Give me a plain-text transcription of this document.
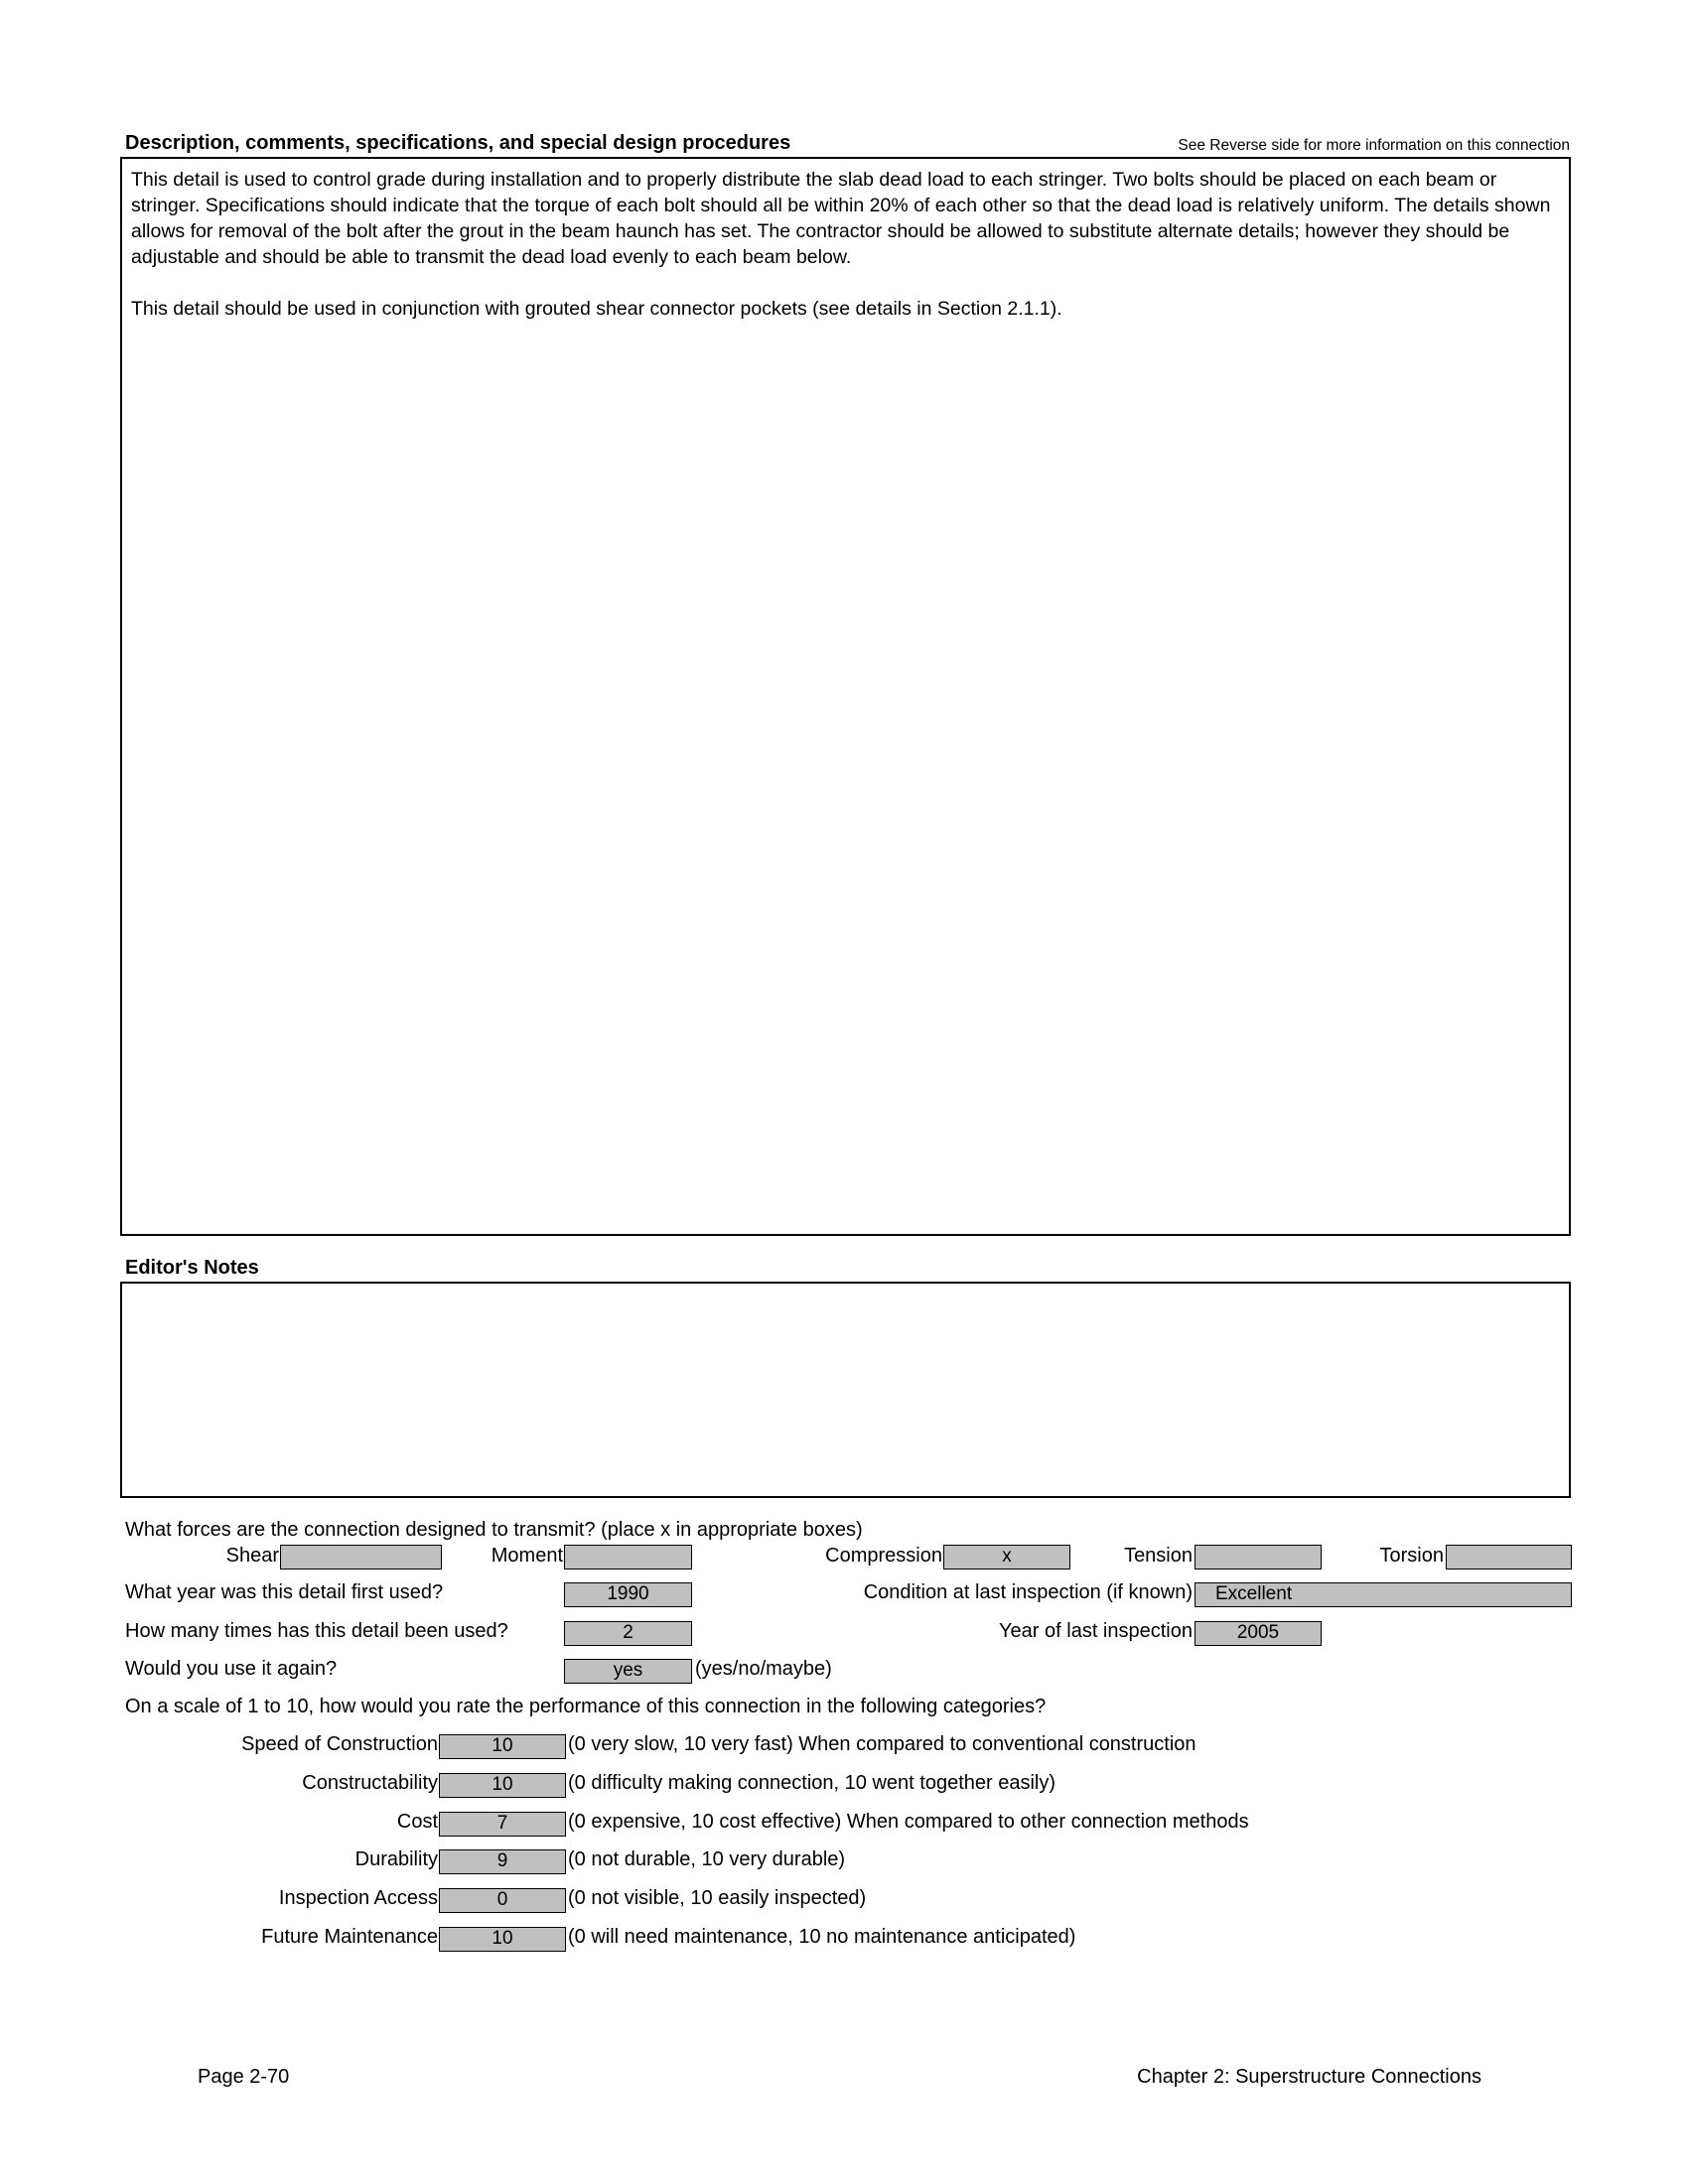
Description, comments, specifications, and special design procedures	See Reverse side for more information on this connection

This detail is used to control grade during installation and to properly distribute the slab dead load to each stringer. Two bolts should be placed on each beam or stringer. Specifications should indicate that the torque of each bolt should all be within 20% of each other so that the dead load is relatively uniform. The details shown allows for removal of the bolt after the grout in the beam haunch has set. The contractor should be allowed to substitute alternate details; however they should be adjustable and should be able to transmit the dead load evenly to each beam below.

This detail should be used in conjunction with grouted shear connector pockets (see details in Section 2.1.1).

Editor's Notes
What forces are the connection designed to transmit? (place x in appropriate boxes)
Shear	Moment	Compression	x	Tension	Torsion
What year was this detail first used?	1990	Condition at last inspection (if known)	Excellent
How many times has this detail been used?	2	Year of last inspection	2005
Would you use it again?	yes	(yes/no/maybe)
On a scale of 1 to 10, how would you rate the performance of this connection in the following categories?
Speed of Construction	10	(0 very slow, 10 very fast) When compared to conventional construction
Constructability	10	(0 difficulty making connection, 10 went together easily)
Cost	7	(0 expensive, 10 cost effective) When compared to other connection methods
Durability	9	(0 not durable, 10 very durable)
Inspection Access	0	(0 not visible, 10 easily inspected)
Future Maintenance	10	(0 will need maintenance, 10 no maintenance anticipated)
Page 2-70	Chapter 2: Superstructure Connections
